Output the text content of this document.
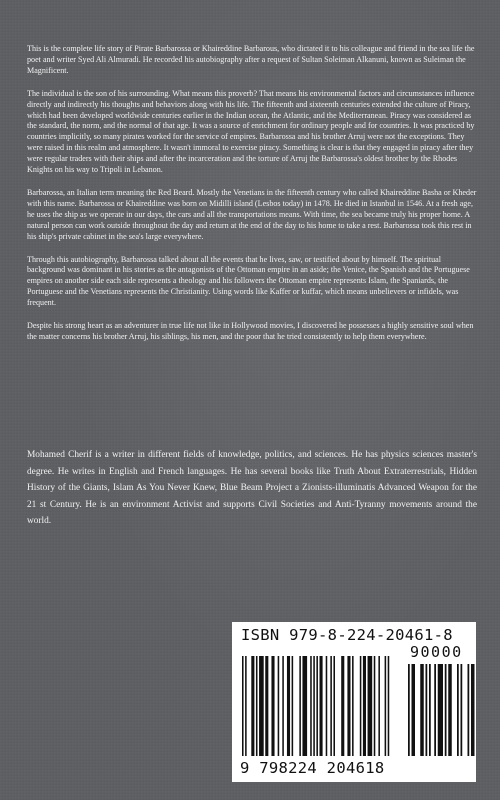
This is the complete life story of Pirate Barbarossa or Khaireddine Barbarous, who dictated it to his colleague and friend in the sea life the poet and writer Syed Ali Almuradi. He recorded his autobiography after a request of Sultan Soleiman Alkanuni, known as Suleiman the Magnificent.

The individual is the son of his surrounding. What means this proverb? That means his environmental factors and circumstances influence directly and indirectly his thoughts and behaviors along with his life. The fifteenth and sixteenth centuries extended the culture of Piracy, which had been developed worldwide centuries earlier in the Indian ocean, the Atlantic, and the Mediterranean. Piracy was considered as the standard, the norm, and the normal of that age. It was a source of enrichment for ordinary people and for countries. It was practiced by countries implicitly, so many pirates worked for the service of empires. Barbarossa and his brother Arruj were not the exceptions. They were raised in this realm and atmosphere. It wasn't immoral to exercise piracy. Something is clear is that they engaged in piracy after they were regular traders with their ships and after the incarceration and the torture of Arruj the Barbarossa's oldest brother by the Rhodes Knights on his way to Tripoli in Lebanon.

Barbarossa, an Italian term meaning the Red Beard. Mostly the Venetians in the fifteenth century who called Khaireddine Basha or Kheder with this name. Barbarossa or Khaireddine was born on Midilli island (Lesbos today) in 1478. He died in Istanbul in 1546. At a fresh age, he uses the ship as we operate in our days, the cars and all the transportations means. With time, the sea became truly his proper home. A natural person can work outside throughout the day and return at the end of the day to his home to take a rest. Barbarossa took this rest in his ship's private cabinet in the sea's large everywhere.

Through this autobiography, Barbarossa talked about all the events that he lives, saw, or testified about by himself. The spiritual background was dominant in his stories as the antagonists of the Ottoman empire in an aside; the Venice, the Spanish and the Portuguese empires on another side each side represents a theology and his followers the Ottoman empire represents Islam, the Spaniards, the Portuguese and the Venetians represents the Christianity. Using words like Kaffer or kuffar, which means unbelievers or infidels, was frequent.

Despite his strong heart as an adventurer in true life not like in Hollywood movies, I discovered he possesses a highly sensitive soul when the matter concerns his brother Arruj, his siblings, his men, and the poor that he tried consistently to help them everywhere.

Mohamed Cherif is a writer in different fields of knowledge, politics, and sciences. He has physics sciences master's degree. He writes in English and French languages. He has several books like Truth About Extraterrestrials, Hidden History of the Giants, Islam As You Never Knew, Blue Beam Project a Zionists-illuminatis Advanced Weapon for the 21 st Century. He is an environment Activist and supports Civil Societies and Anti-Tyranny movements around the world.
ISBN 979-8-224-20461-8
90000
9 798224 204618
